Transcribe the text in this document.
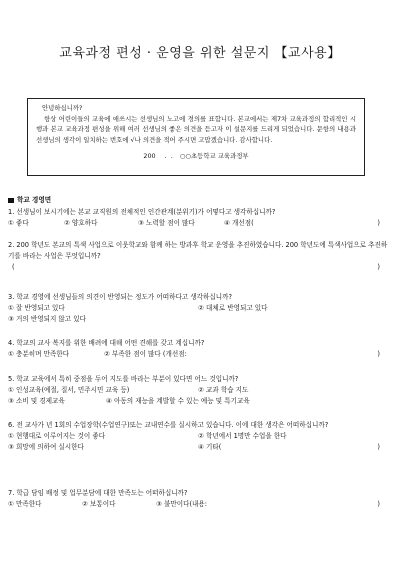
교육과정 편성 · 운영을 위한 설문지 【교사용】
안녕하십니까?
항상 어린이들의 교육에 애쓰시는 선생님의 노고에 경의를 표합니다. 본교에서는 제7차 교육과정의 합리적인 시행과 본교 교육과정 편성을 위해 여러 선생님의 좋은 의견을 듣고자 이 설문지를 드리게 되었습니다. 문항의 내용과 선생님의 생각이 일치하는 번호에 √나 의견을 적어 주시면 고맙겠습니다. 감사합니다.
200 . . ○○초등학교 교육과정부
학교 경영면
1. 선생님이 보시기에는 본교 교직원의 전체적인 인간관계(분위기)가 어떻다고 생각하십니까?
① 좋다	② 양호하다	③ 노력할 점이 많다	④ 개선점(	)
2. 200 학년도 본교의 특색 사업으로 이웃학교와 함께 하는 방과후 학교 운영을 추진하였습니다. 200 학년도에 특색사업으로 추진하기를 바라는 사업은 무엇입니까?
(	)
3. 학교 경영에 선생님들의 의견이 반영되는 정도가 어떠하다고 생각하십니까?
① 잘 반영되고 있다	② 대체로 반영되고 있다
③ 거의 반영되지 않고 있다
4. 학교의 교사 복지를 위한 배려에 대해 어떤 견해를 갖고 계십니까?
① 충분히며 만족한다	② 부족한 점이 많다 (개선점:	)
5. 학교 교육에서 특히 중점을 두어 지도를 바라는 부분이 있다면 어느 것입니까?
① 인성교육(예절, 질서, 민주시민 교육 등)	② 교과 학습 지도
③ 소비 및 경제교육	④ 아동의 재능을 계발할 수 있는 예능 및 특기교육
6. 전 교사가 년 1회의 수업장학(수업연구)또는 교내연수를 실시하고 있습니다. 이에 대한 생각은 어떠하십니까?
① 현행대로 이루어지는 것이 좋다	② 학년에서 1명만 수업을 한다
③ 희망에 의하여 실시한다	④ 기타(	)
7. 학급 담임 배정 및 업무분담에 대한 만족도는 어떠하십니까?
① 만족한다	② 보통이다	③ 불만이다(내용:	)
